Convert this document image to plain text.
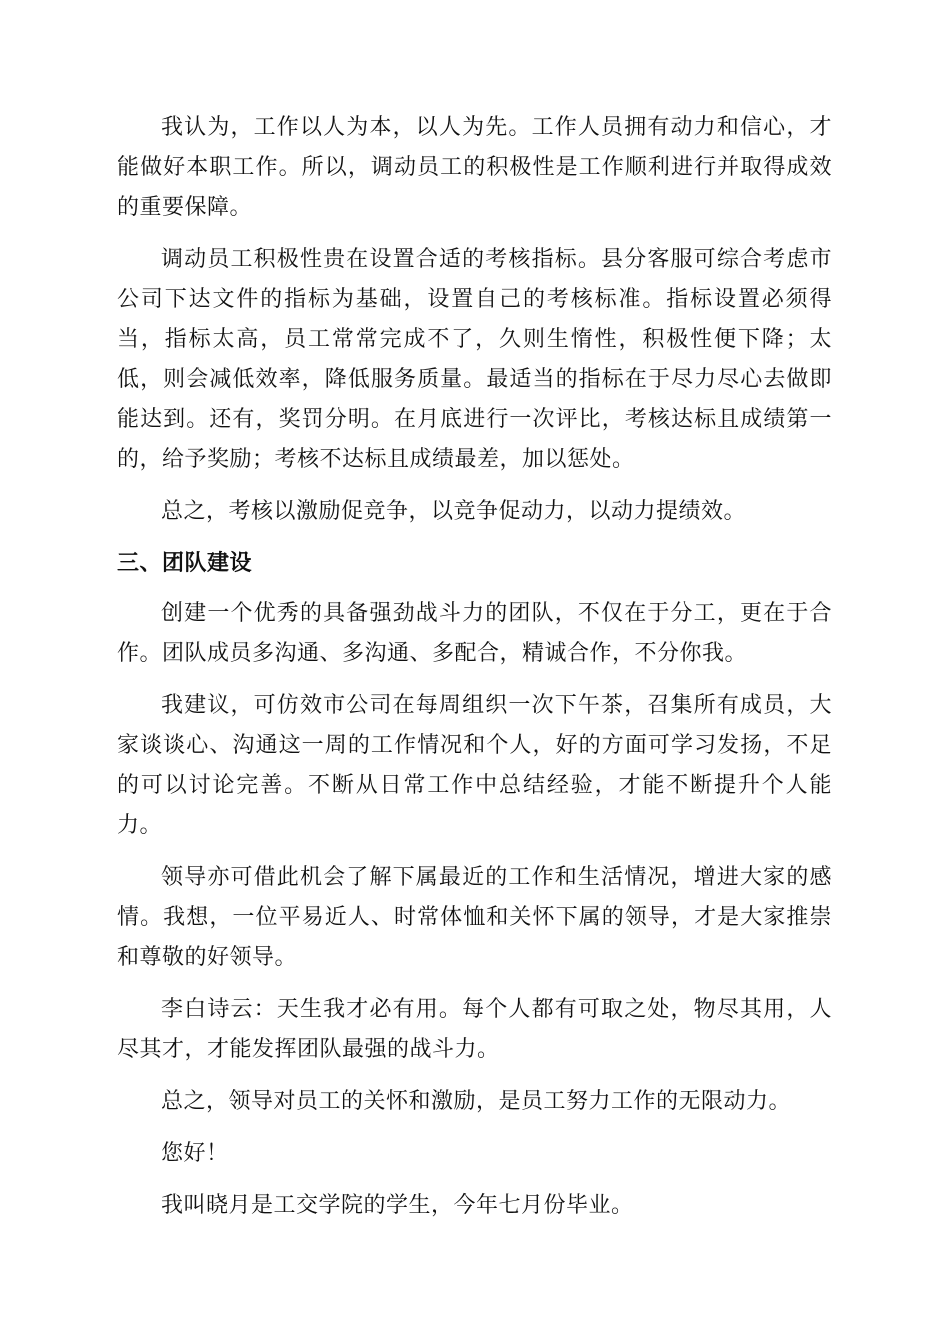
我认为，工作以人为本，以人为先。工作人员拥有动力和信心，才能做好本职工作。所以，调动员工的积极性是工作顺利进行并取得成效的重要保障。

调动员工积极性贵在设置合适的考核指标。县分客服可综合考虑市公司下达文件的指标为基础，设置自己的考核标准。指标设置必须得当，指标太高，员工常常完成不了，久则生惰性，积极性便下降；太低，则会减低效率，降低服务质量。最适当的指标在于尽力尽心去做即能达到。还有，奖罚分明。在月底进行一次评比，考核达标且成绩第一的，给予奖励；考核不达标且成绩最差，加以惩处。

总之，考核以激励促竞争，以竞争促动力，以动力提绩效。

三、团队建设

创建一个优秀的具备强劲战斗力的团队，不仅在于分工，更在于合作。团队成员多沟通、多沟通、多配合，精诚合作，不分你我。

我建议，可仿效市公司在每周组织一次下午茶，召集所有成员，大家谈谈心、沟通这一周的工作情况和个人，好的方面可学习发扬，不足的可以讨论完善。不断从日常工作中总结经验，才能不断提升个人能力。

领导亦可借此机会了解下属最近的工作和生活情况，增进大家的感情。我想，一位平易近人、时常体恤和关怀下属的领导，才是大家推崇和尊敬的好领导。

李白诗云：天生我才必有用。每个人都有可取之处，物尽其用，人尽其才，才能发挥团队最强的战斗力。

总之，领导对员工的关怀和激励，是员工努力工作的无限动力。

您好！

我叫晓月是工交学院的学生，今年七月份毕业。
